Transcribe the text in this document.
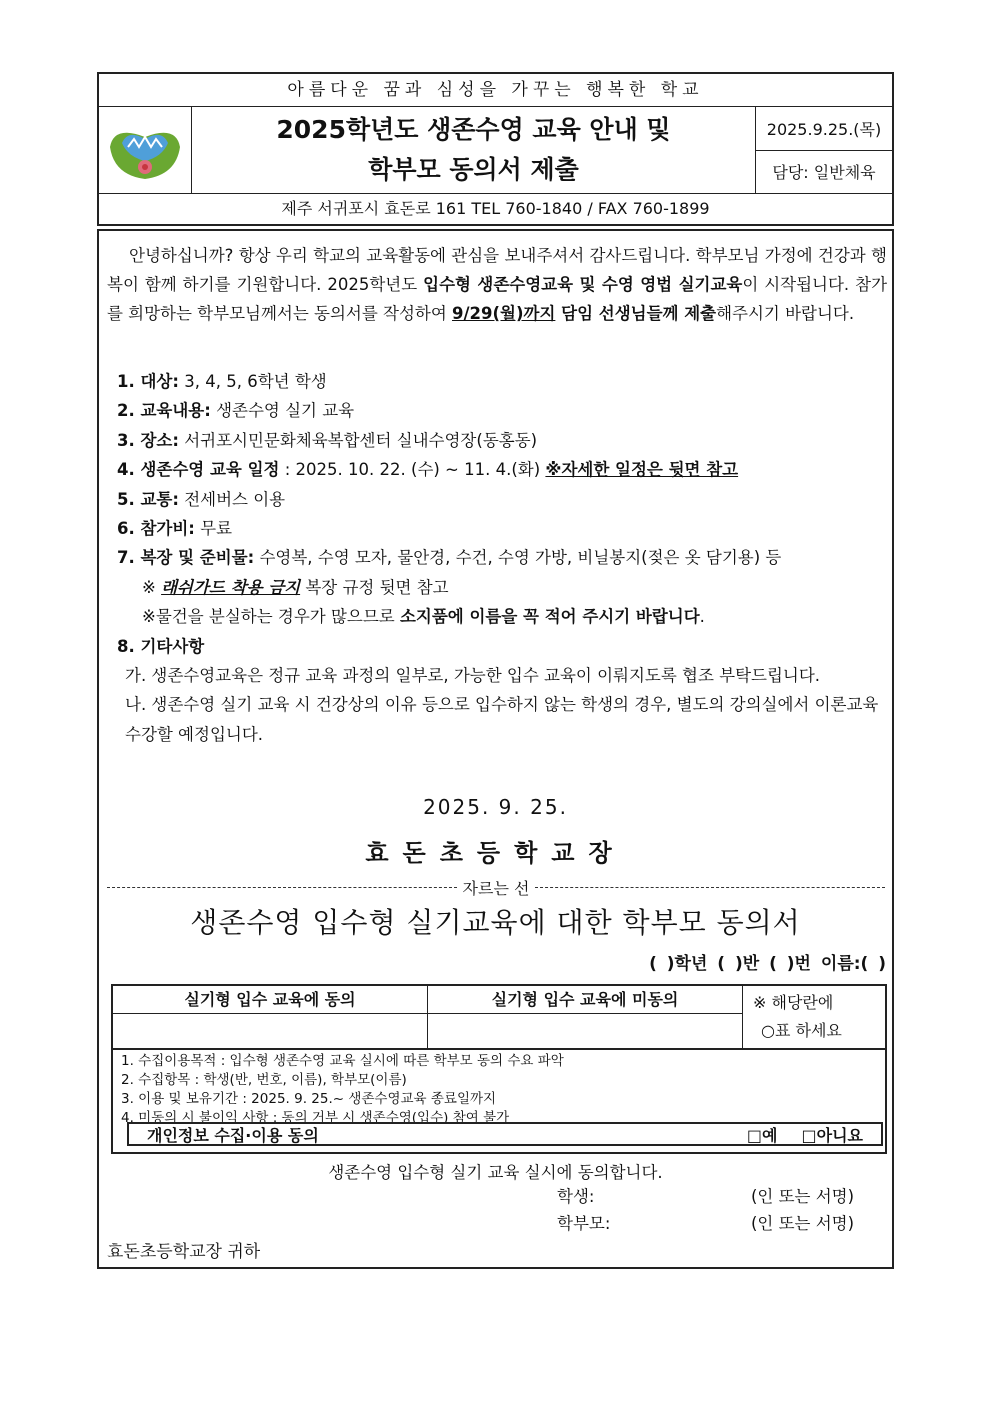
아름다운 꿈과 심성을 가꾸는 행복한 학교
2025학년도 생존수영 교육 안내 및
학부모 동의서 제출
2025.9.25.(목)
담당: 일반체육
제주 서귀포시 효돈로 161 TEL 760-1840 / FAX 760-1899
안녕하십니까? 항상 우리 학교의 교육활동에 관심을 보내주셔서 감사드립니다. 학부모님 가정에 건강과 행복이 함께 하기를 기원합니다. 2025학년도 입수형 생존수영교육 및 수영 영법 실기교육이 시작됩니다. 참가를 희망하는 학부모님께서는 동의서를 작성하여 9/29(월)까지 담임 선생님들께 제출해주시기 바랍니다.
1. 대상: 3, 4, 5, 6학년 학생
2. 교육내용: 생존수영 실기 교육
3. 장소: 서귀포시민문화체육복합센터 실내수영장(동홍동)
4. 생존수영 교육 일정 : 2025. 10. 22. (수) ~ 11. 4.(화) ※자세한 일정은 뒷면 참고
5. 교통: 전세버스 이용
6. 참가비: 무료
7. 복장 및 준비물: 수영복, 수영 모자, 물안경, 수건, 수영 가방, 비닐봉지(젖은 옷 담기용) 등
※ 래쉬가드 착용 금지 복장 규정 뒷면 참고
※물건을 분실하는 경우가 많으므로 소지품에 이름을 꼭 적어 주시기 바랍니다.
8. 기타사항
가. 생존수영교육은 정규 교육 과정의 일부로, 가능한 입수 교육이 이뤄지도록 협조 부탁드립니다.
나. 생존수영 실기 교육 시 건강상의 이유 등으로 입수하지 않는 학생의 경우, 별도의 강의실에서 이론교육 수강할 예정입니다.
2025. 9. 25.
효돈초등학교장
자르는 선
생존수영 입수형 실기교육에 대한 학부모 동의서
( )학년 ( )반 ( )번 이름:( )
실기형 입수 교육에 동의	실기형 입수 교육에 미동의	※ 해당란에
○표 하세요
1. 수집이용목적 : 입수형 생존수영 교육 실시에 따른 학부모 동의 수요 파악
2. 수집항목 : 학생(반, 번호, 이름), 학부모(이름)
3. 이용 및 보유기간 : 2025. 9. 25.~ 생존수영교육 종료일까지
4. 미동의 시 불이익 사항 : 동의 거부 시 생존수영(입수) 참여 불가
개인정보 수집·이용 동의	□예	□아니요
생존수영 입수형 실기 교육 실시에 동의합니다.
학생:	(인 또는 서명)
학부모:	(인 또는 서명)
효돈초등학교장 귀하
